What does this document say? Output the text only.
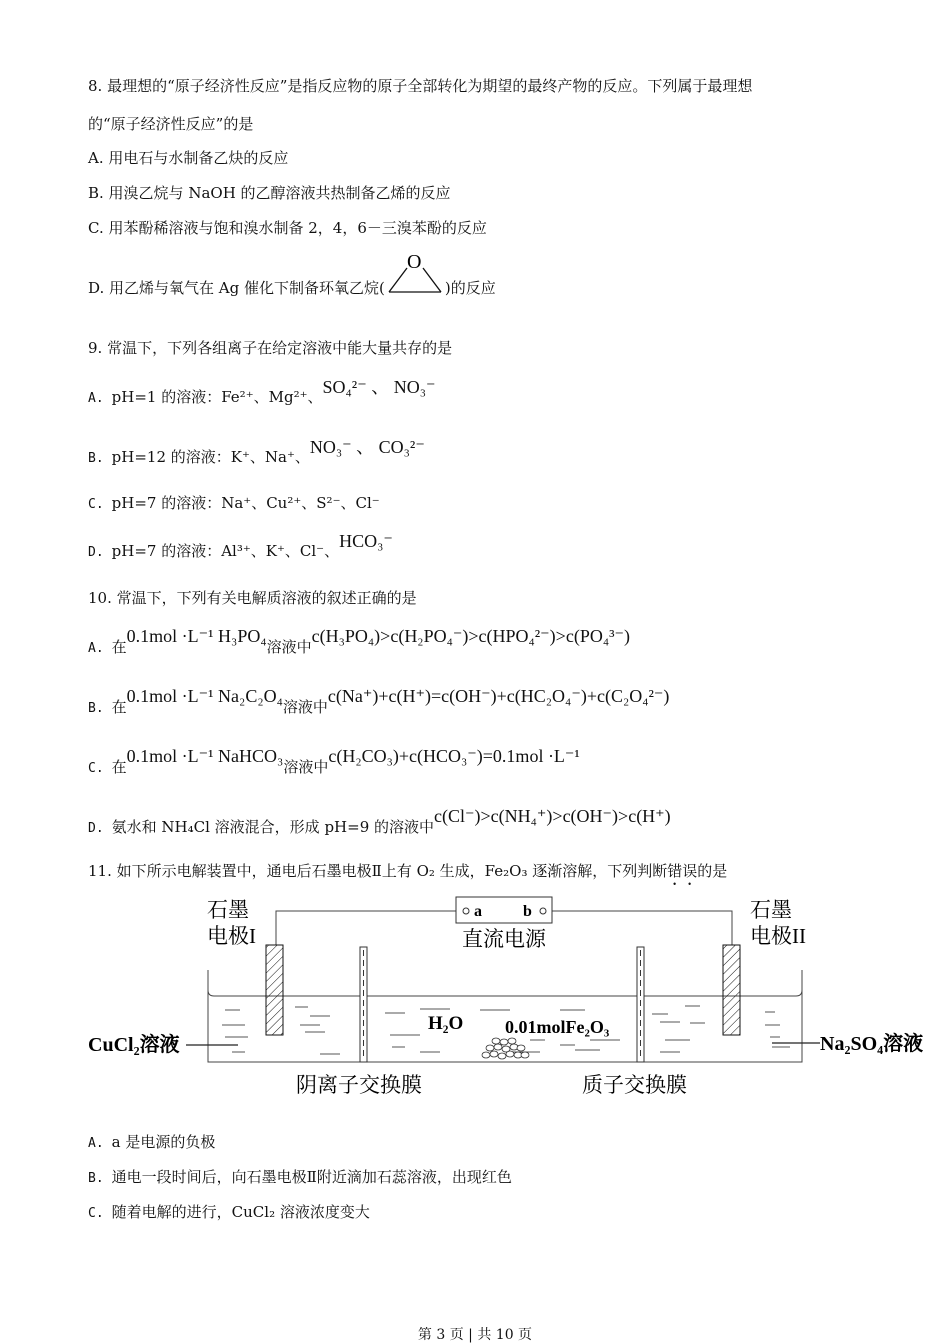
8. 最理想的“原子经济性反应”是指反应物的原子全部转化为期望的最终产物的反应。下列属于最理想
的“原子经济性反应”的是
A. 用电石与水制备乙炔的反应
B. 用溴乙烷与 NaOH 的乙醇溶液共热制备乙烯的反应
C. 用苯酚稀溶液与饱和溴水制备 2，4，6－三溴苯酚的反应
D. 用乙烯与氧气在 Ag 催化下制备环氧乙烷(
O
)的反应
9. 常温下，下列各组离子在给定溶液中能大量共存的是
A. pH=1 的溶液：Fe²⁺、Mg²⁺、SO₄²⁻ 、 NO₃⁻
B. pH=12 的溶液：K⁺、Na⁺、NO₃⁻ 、 CO₃²⁻
C. pH=7 的溶液：Na⁺、Cu²⁺、S²⁻、Cl⁻
D. pH=7 的溶液：Al³⁺、K⁺、Cl⁻、HCO₃⁻
10. 常温下，下列有关电解质溶液的叙述正确的是
A. 在0.1mol ·L⁻¹ H₃PO₄溶液中c(H₃PO₄)>c(H₂PO₄⁻)>c(HPO₄²⁻)>c(PO₄³⁻)
B. 在0.1mol ·L⁻¹ Na₂C₂O₄溶液中c(Na⁺)+c(H⁺)=c(OH⁻)+c(HC₂O₄⁻)+c(C₂O₄²⁻)
C. 在0.1mol ·L⁻¹ NaHCO₃溶液中c(H₂CO₃)+c(HCO₃⁻)=0.1mol ·L⁻¹
D. 氨水和 NH₄Cl 溶液混合，形成 pH=9 的溶液中c(Cl⁻)>c(NH₄⁺)>c(OH⁻)>c(H⁺)
11. 如下所示电解装置中，通电后石墨电极Ⅱ上有 O₂ 生成，Fe₂O₃ 逐渐溶解，下列判断错误的是
a	b
直流电源
石墨
电极I
石墨
电极II
H₂O 0.01molFe₂O₃
CuCl₂溶液	Na₂SO₄溶液
阴离子交换膜	质子交换膜
A. a 是电源的负极
B. 通电一段时间后，向石墨电极Ⅱ附近滴加石蕊溶液，出现红色
C. 随着电解的进行，CuCl₂ 溶液浓度变大
第 3 页 | 共 10 页
